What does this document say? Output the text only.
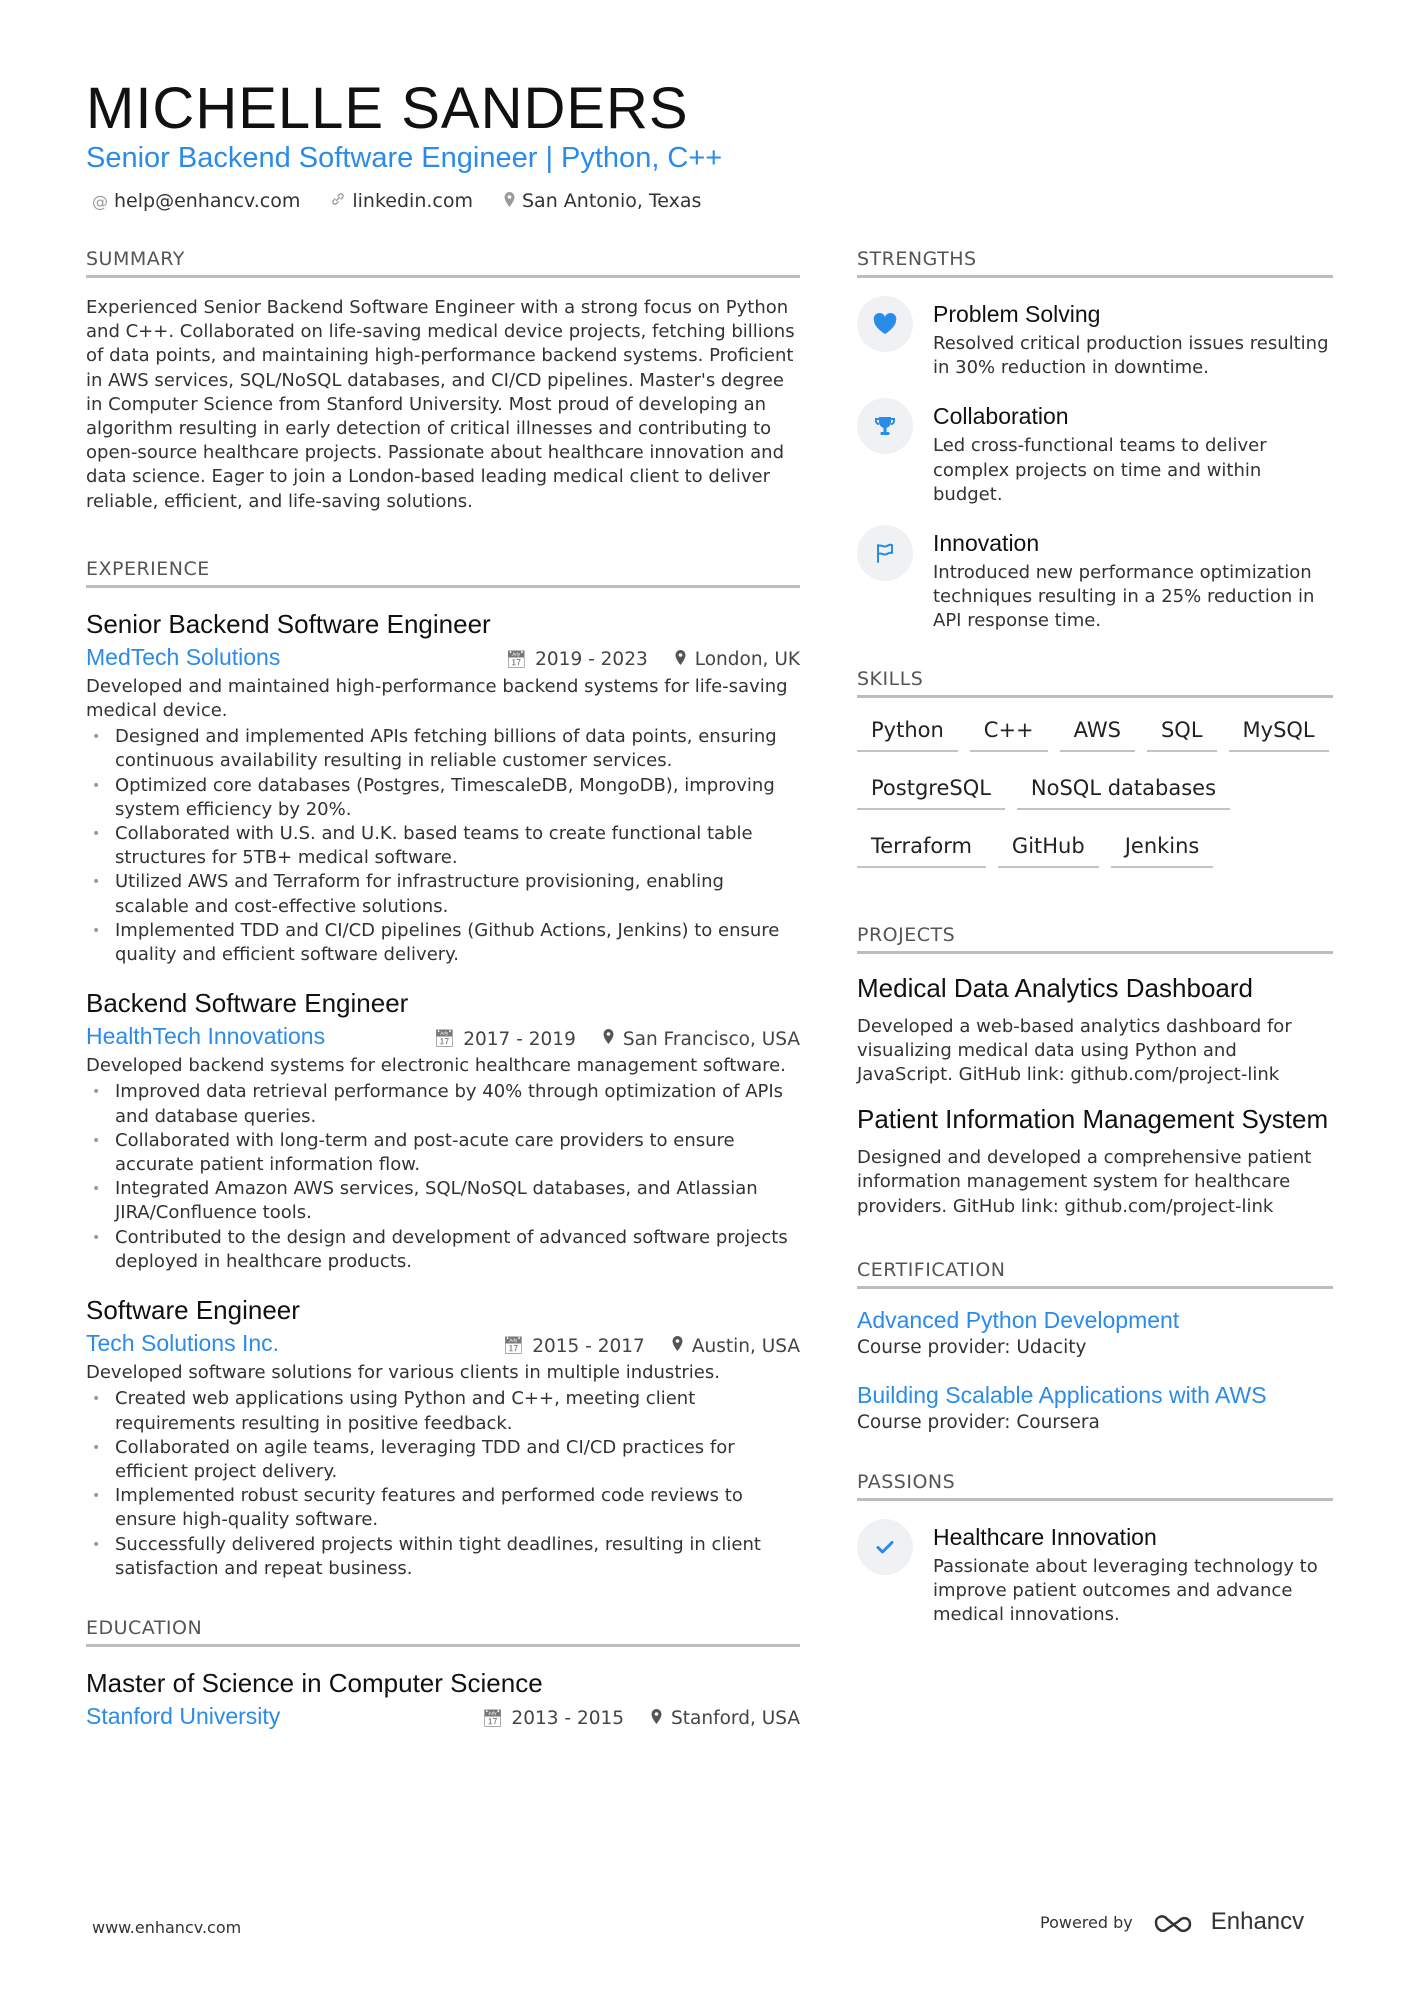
MICHELLE SANDERS
Senior Backend Software Engineer | Python, C++
@ help@enhancv.com	linkedin.com	San Antonio, Texas
SUMMARY

Experienced Senior Backend Software Engineer with a strong focus on Python and C++. Collaborated on life-saving medical device projects, fetching billions of data points, and maintaining high-performance backend systems. Proficient in AWS services, SQL/NoSQL databases, and CI/CD pipelines. Master's degree in Computer Science from Stanford University. Most proud of developing an algorithm resulting in early detection of critical illnesses and contributing to open-source healthcare projects. Passionate about healthcare innovation and data science. Eager to join a London-based leading medical client to deliver reliable, efficient, and life-saving solutions.

EXPERIENCE
Senior Backend Software Engineer
MedTech Solutions	📅︎ 2019 - 2023	London, UK

Developed and maintained high-performance backend systems for life-saving medical device.

• Designed and implemented APIs fetching billions of data points, ensuring continuous availability resulting in reliable customer services.
• Optimized core databases (Postgres, TimescaleDB, MongoDB), improving system efficiency by 20%.
• Collaborated with U.S. and U.K. based teams to create functional table structures for 5TB+ medical software.
• Utilized AWS and Terraform for infrastructure provisioning, enabling scalable and cost-effective solutions.
• Implemented TDD and CI/CD pipelines (Github Actions, Jenkins) to ensure quality and efficient software delivery.
Backend Software Engineer
HealthTech Innovations	📅︎ 2017 - 2019	San Francisco, USA

Developed backend systems for electronic healthcare management software.

• Improved data retrieval performance by 40% through optimization of APIs and database queries.
• Collaborated with long-term and post-acute care providers to ensure accurate patient information flow.
• Integrated Amazon AWS services, SQL/NoSQL databases, and Atlassian JIRA/Confluence tools.
• Contributed to the design and development of advanced software projects deployed in healthcare products.
Software Engineer
Tech Solutions Inc.	📅︎ 2015 - 2017	Austin, USA

Developed software solutions for various clients in multiple industries.

• Created web applications using Python and C++, meeting client requirements resulting in positive feedback.
• Collaborated on agile teams, leveraging TDD and CI/CD practices for efficient project delivery.
• Implemented robust security features and performed code reviews to ensure high-quality software.
• Successfully delivered projects within tight deadlines, resulting in client satisfaction and repeat business.
EDUCATION
Master of Science in Computer Science
Stanford University	📅︎ 2013 - 2015	Stanford, USA
STRENGTHS
Problem Solving
Resolved critical production issues resulting in 30% reduction in downtime.
Collaboration
Led cross-functional teams to deliver complex projects on time and within budget.
Innovation
Introduced new performance optimization techniques resulting in a 25% reduction in API response time.
SKILLS
Python	C++	AWS	SQL	MySQL
PostgreSQL	NoSQL databases
Terraform	GitHub	Jenkins
PROJECTS
Medical Data Analytics Dashboard
Developed a web-based analytics dashboard for visualizing medical data using Python and JavaScript. GitHub link: github.com/project-link
Patient Information Management System
Designed and developed a comprehensive patient information management system for healthcare providers. GitHub link: github.com/project-link
CERTIFICATION
Advanced Python Development
Course provider: Udacity
Building Scalable Applications with AWS
Course provider: Coursera
PASSIONS
Healthcare Innovation
Passionate about leveraging technology to improve patient outcomes and advance medical innovations.
www.enhancv.com	Powered by	Enhancv
